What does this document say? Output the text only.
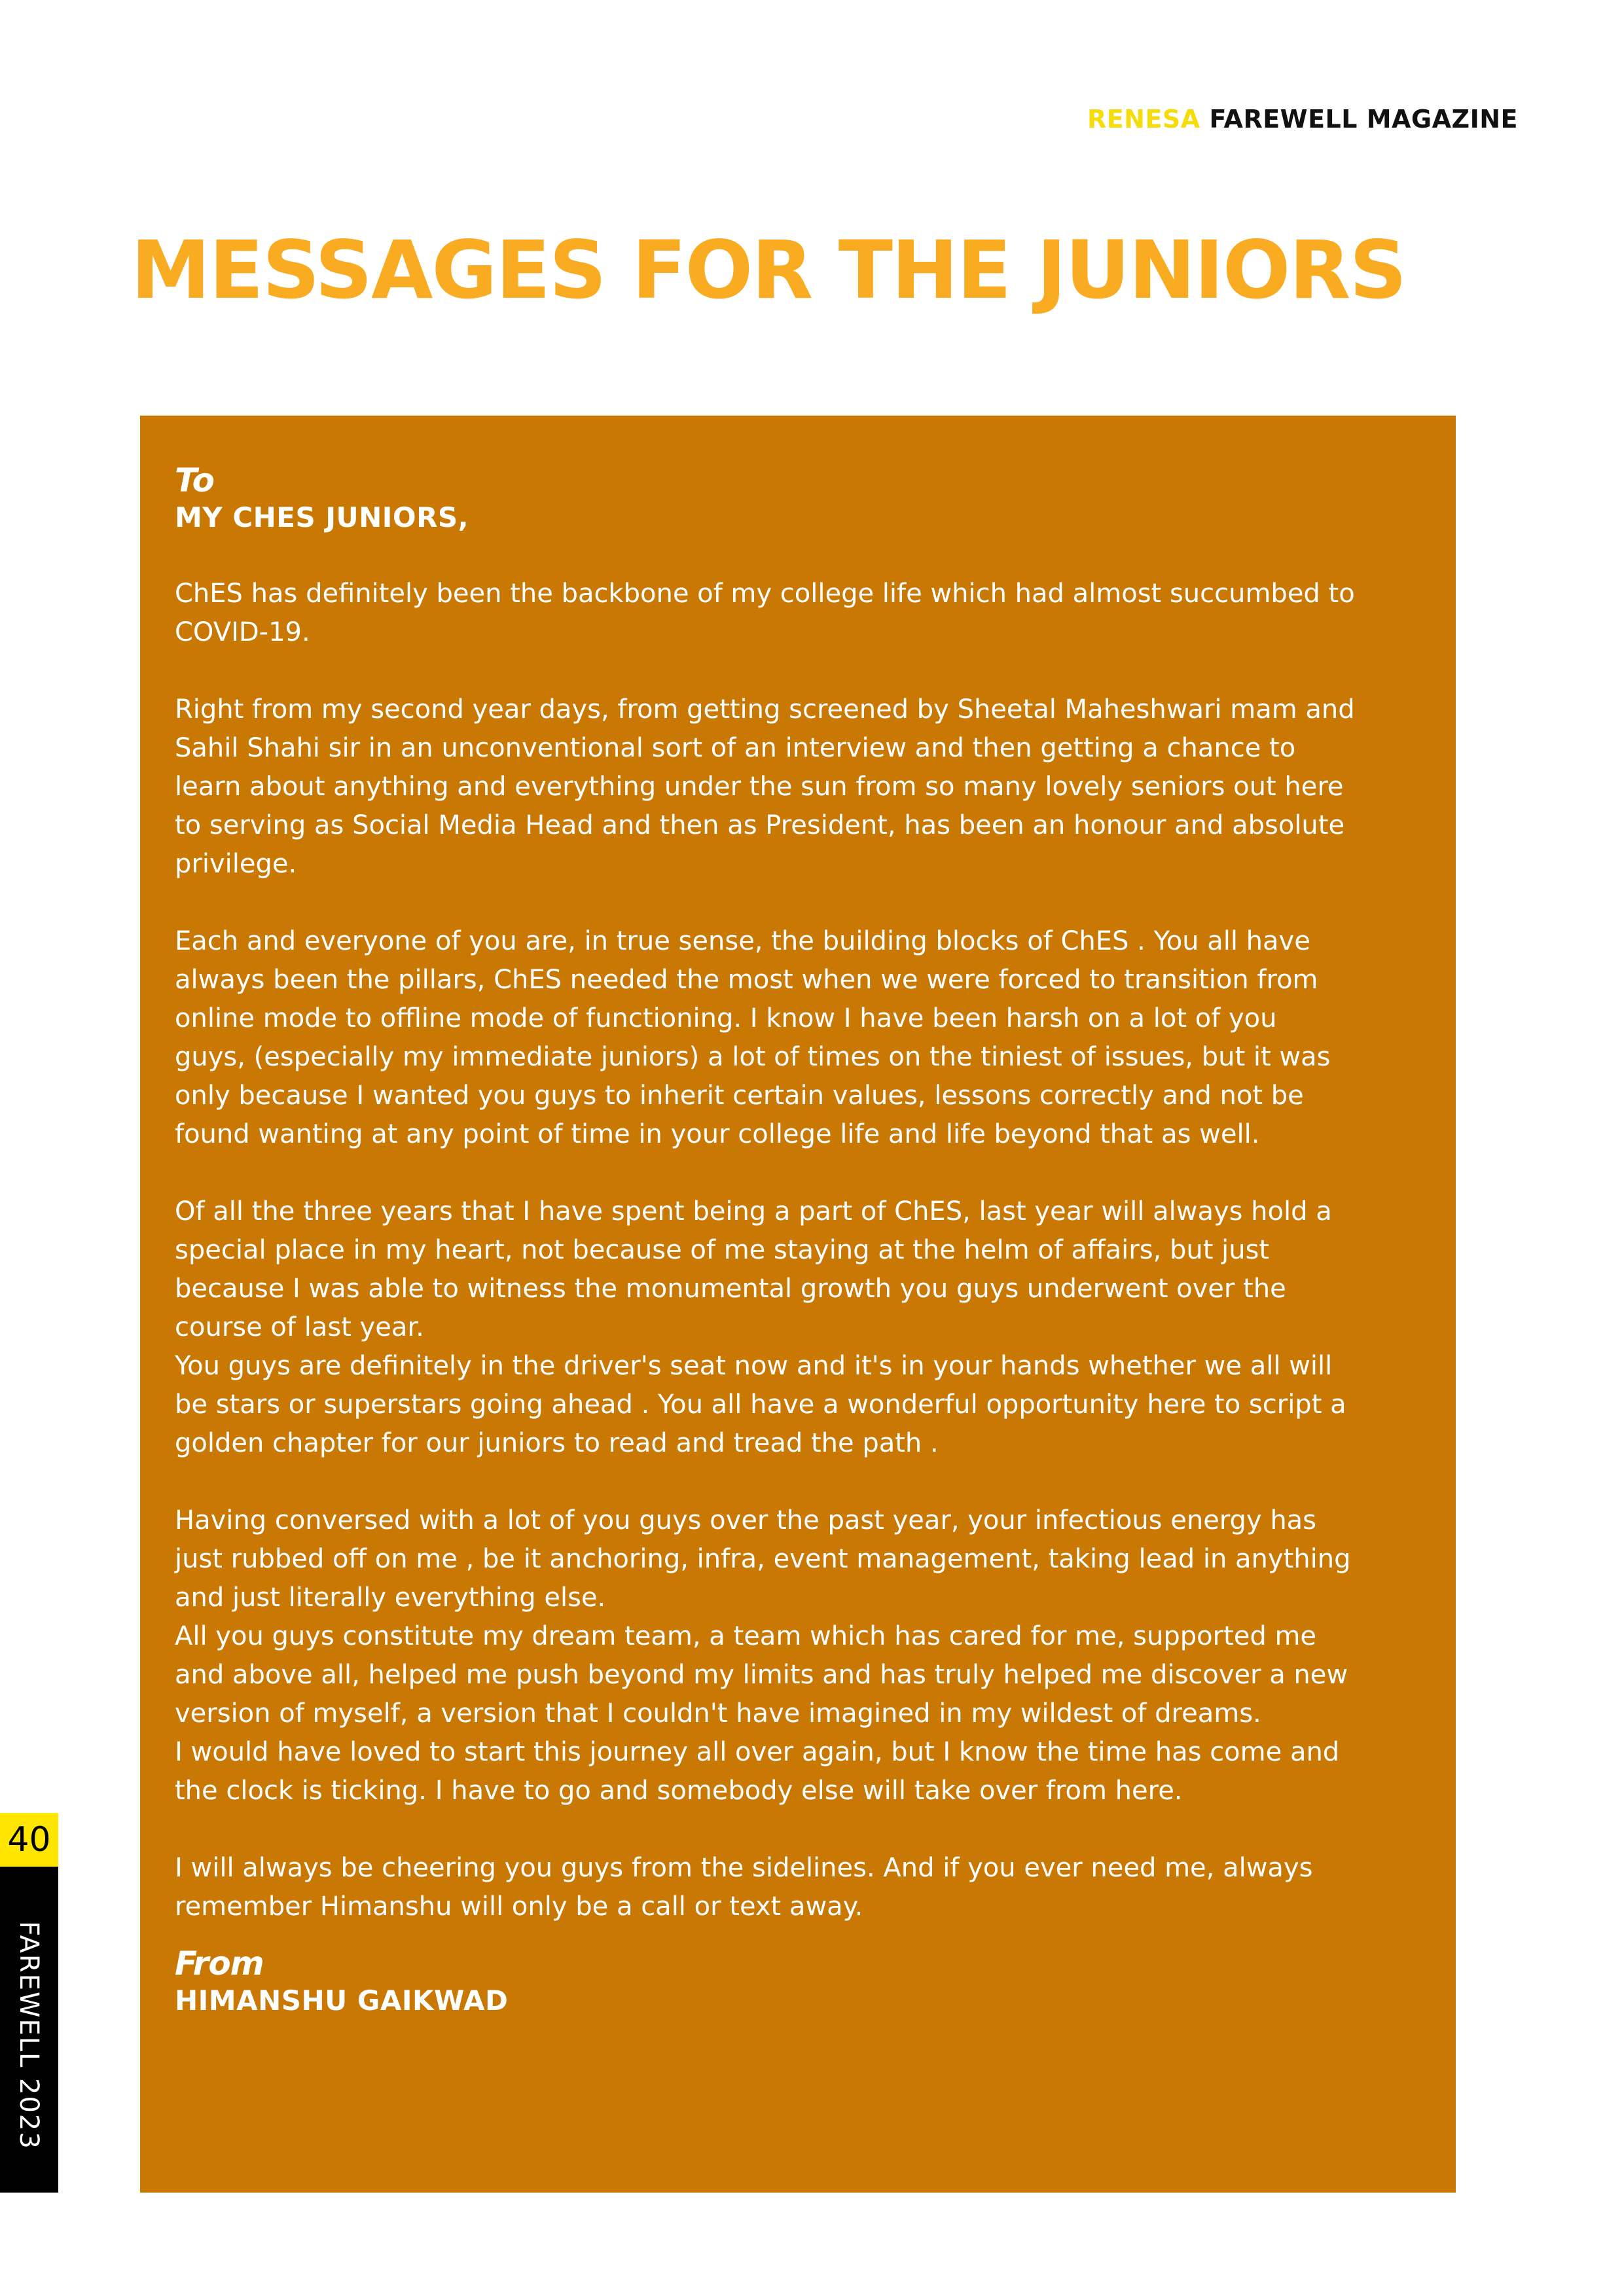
RENESA FAREWELL MAGAZINE
MESSAGES FOR THE JUNIORS
To
MY CHES JUNIORS,

ChES has definitely been the backbone of my college life which had almost succumbed to
COVID-19.

Right from my second year days, from getting screened by Sheetal Maheshwari mam and
Sahil Shahi sir in an unconventional sort of an interview and then getting a chance to
learn about anything and everything under the sun from so many lovely seniors out here
to serving as Social Media Head and then as President, has been an honour and absolute
privilege.

Each and everyone of you are, in true sense, the building blocks of ChES . You all have
always been the pillars, ChES needed the most when we were forced to transition from
online mode to offline mode of functioning. I know I have been harsh on a lot of you
guys, (especially my immediate juniors) a lot of times on the tiniest of issues, but it was
only because I wanted you guys to inherit certain values, lessons correctly and not be
found wanting at any point of time in your college life and life beyond that as well.

Of all the three years that I have spent being a part of ChES, last year will always hold a
special place in my heart, not because of me staying at the helm of affairs, but just
because I was able to witness the monumental growth you guys underwent over the
course of last year.
You guys are definitely in the driver's seat now and it's in your hands whether we all will
be stars or superstars going ahead . You all have a wonderful opportunity here to script a
golden chapter for our juniors to read and tread the path .

Having conversed with a lot of you guys over the past year, your infectious energy has
just rubbed off on me , be it anchoring, infra, event management, taking lead in anything
and just literally everything else.
All you guys constitute my dream team, a team which has cared for me, supported me
and above all, helped me push beyond my limits and has truly helped me discover a new
version of myself, a version that I couldn't have imagined in my wildest of dreams.
I would have loved to start this journey all over again, but I know the time has come and
the clock is ticking. I have to go and somebody else will take over from here.

I will always be cheering you guys from the sidelines. And if you ever need me, always
remember Himanshu will only be a call or text away.

From
HIMANSHU GAIKWAD
40
FAREWELL 2023
